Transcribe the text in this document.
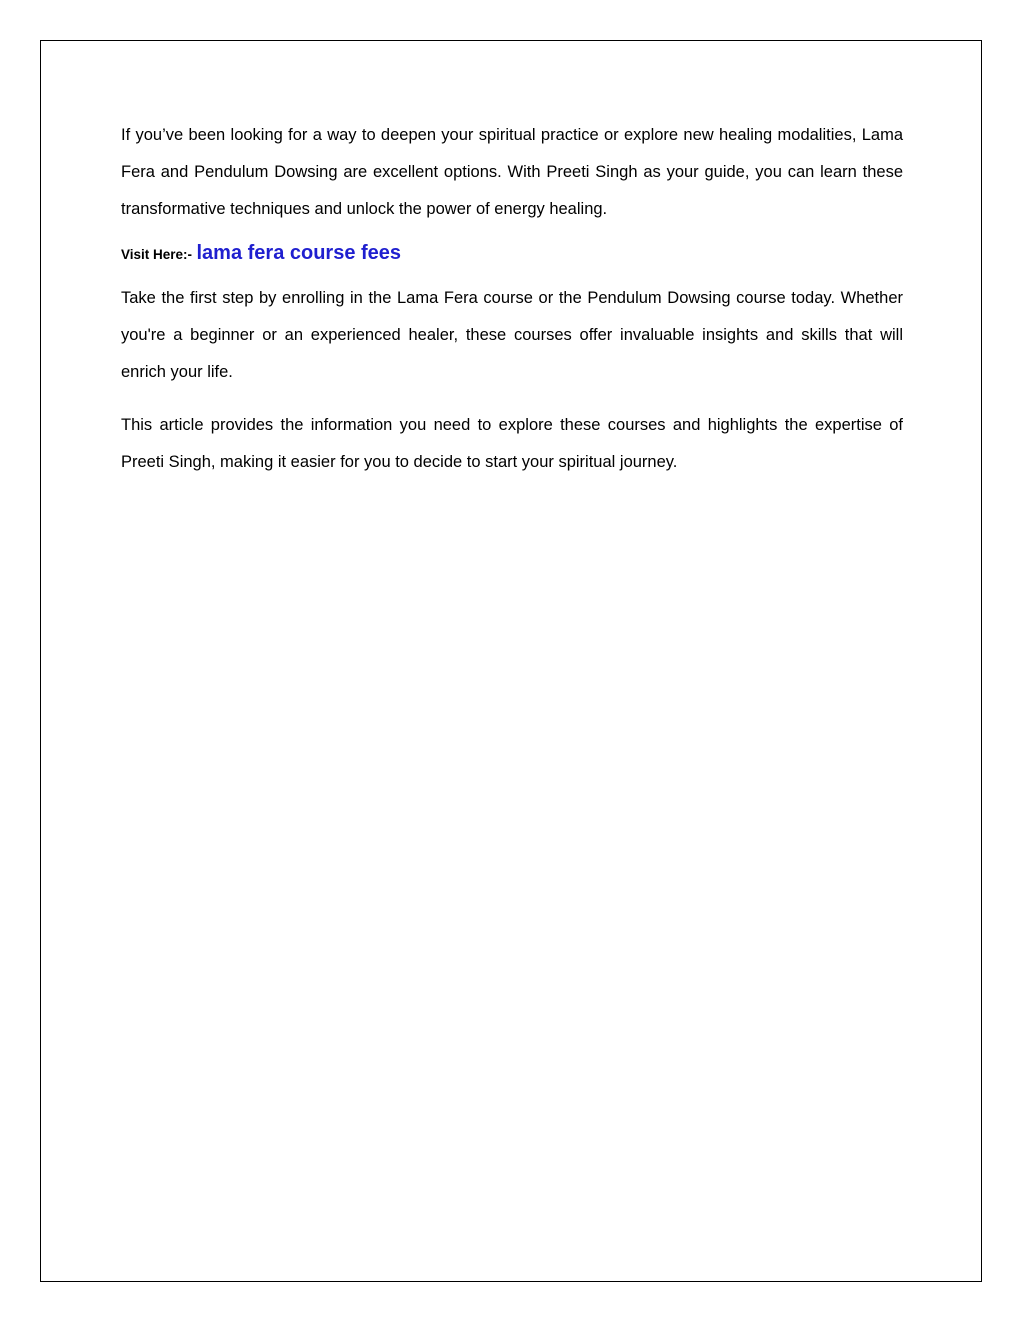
If you’ve been looking for a way to deepen your spiritual practice or explore new healing modalities, Lama Fera and Pendulum Dowsing are excellent options. With Preeti Singh as your guide, you can learn these transformative techniques and unlock the power of energy healing.

Visit Here:- lama fera course fees

Take the first step by enrolling in the Lama Fera course or the Pendulum Dowsing course today. Whether you're a beginner or an experienced healer, these courses offer invaluable insights and skills that will enrich your life.

This article provides the information you need to explore these courses and highlights the expertise of Preeti Singh, making it easier for you to decide to start your spiritual journey.
